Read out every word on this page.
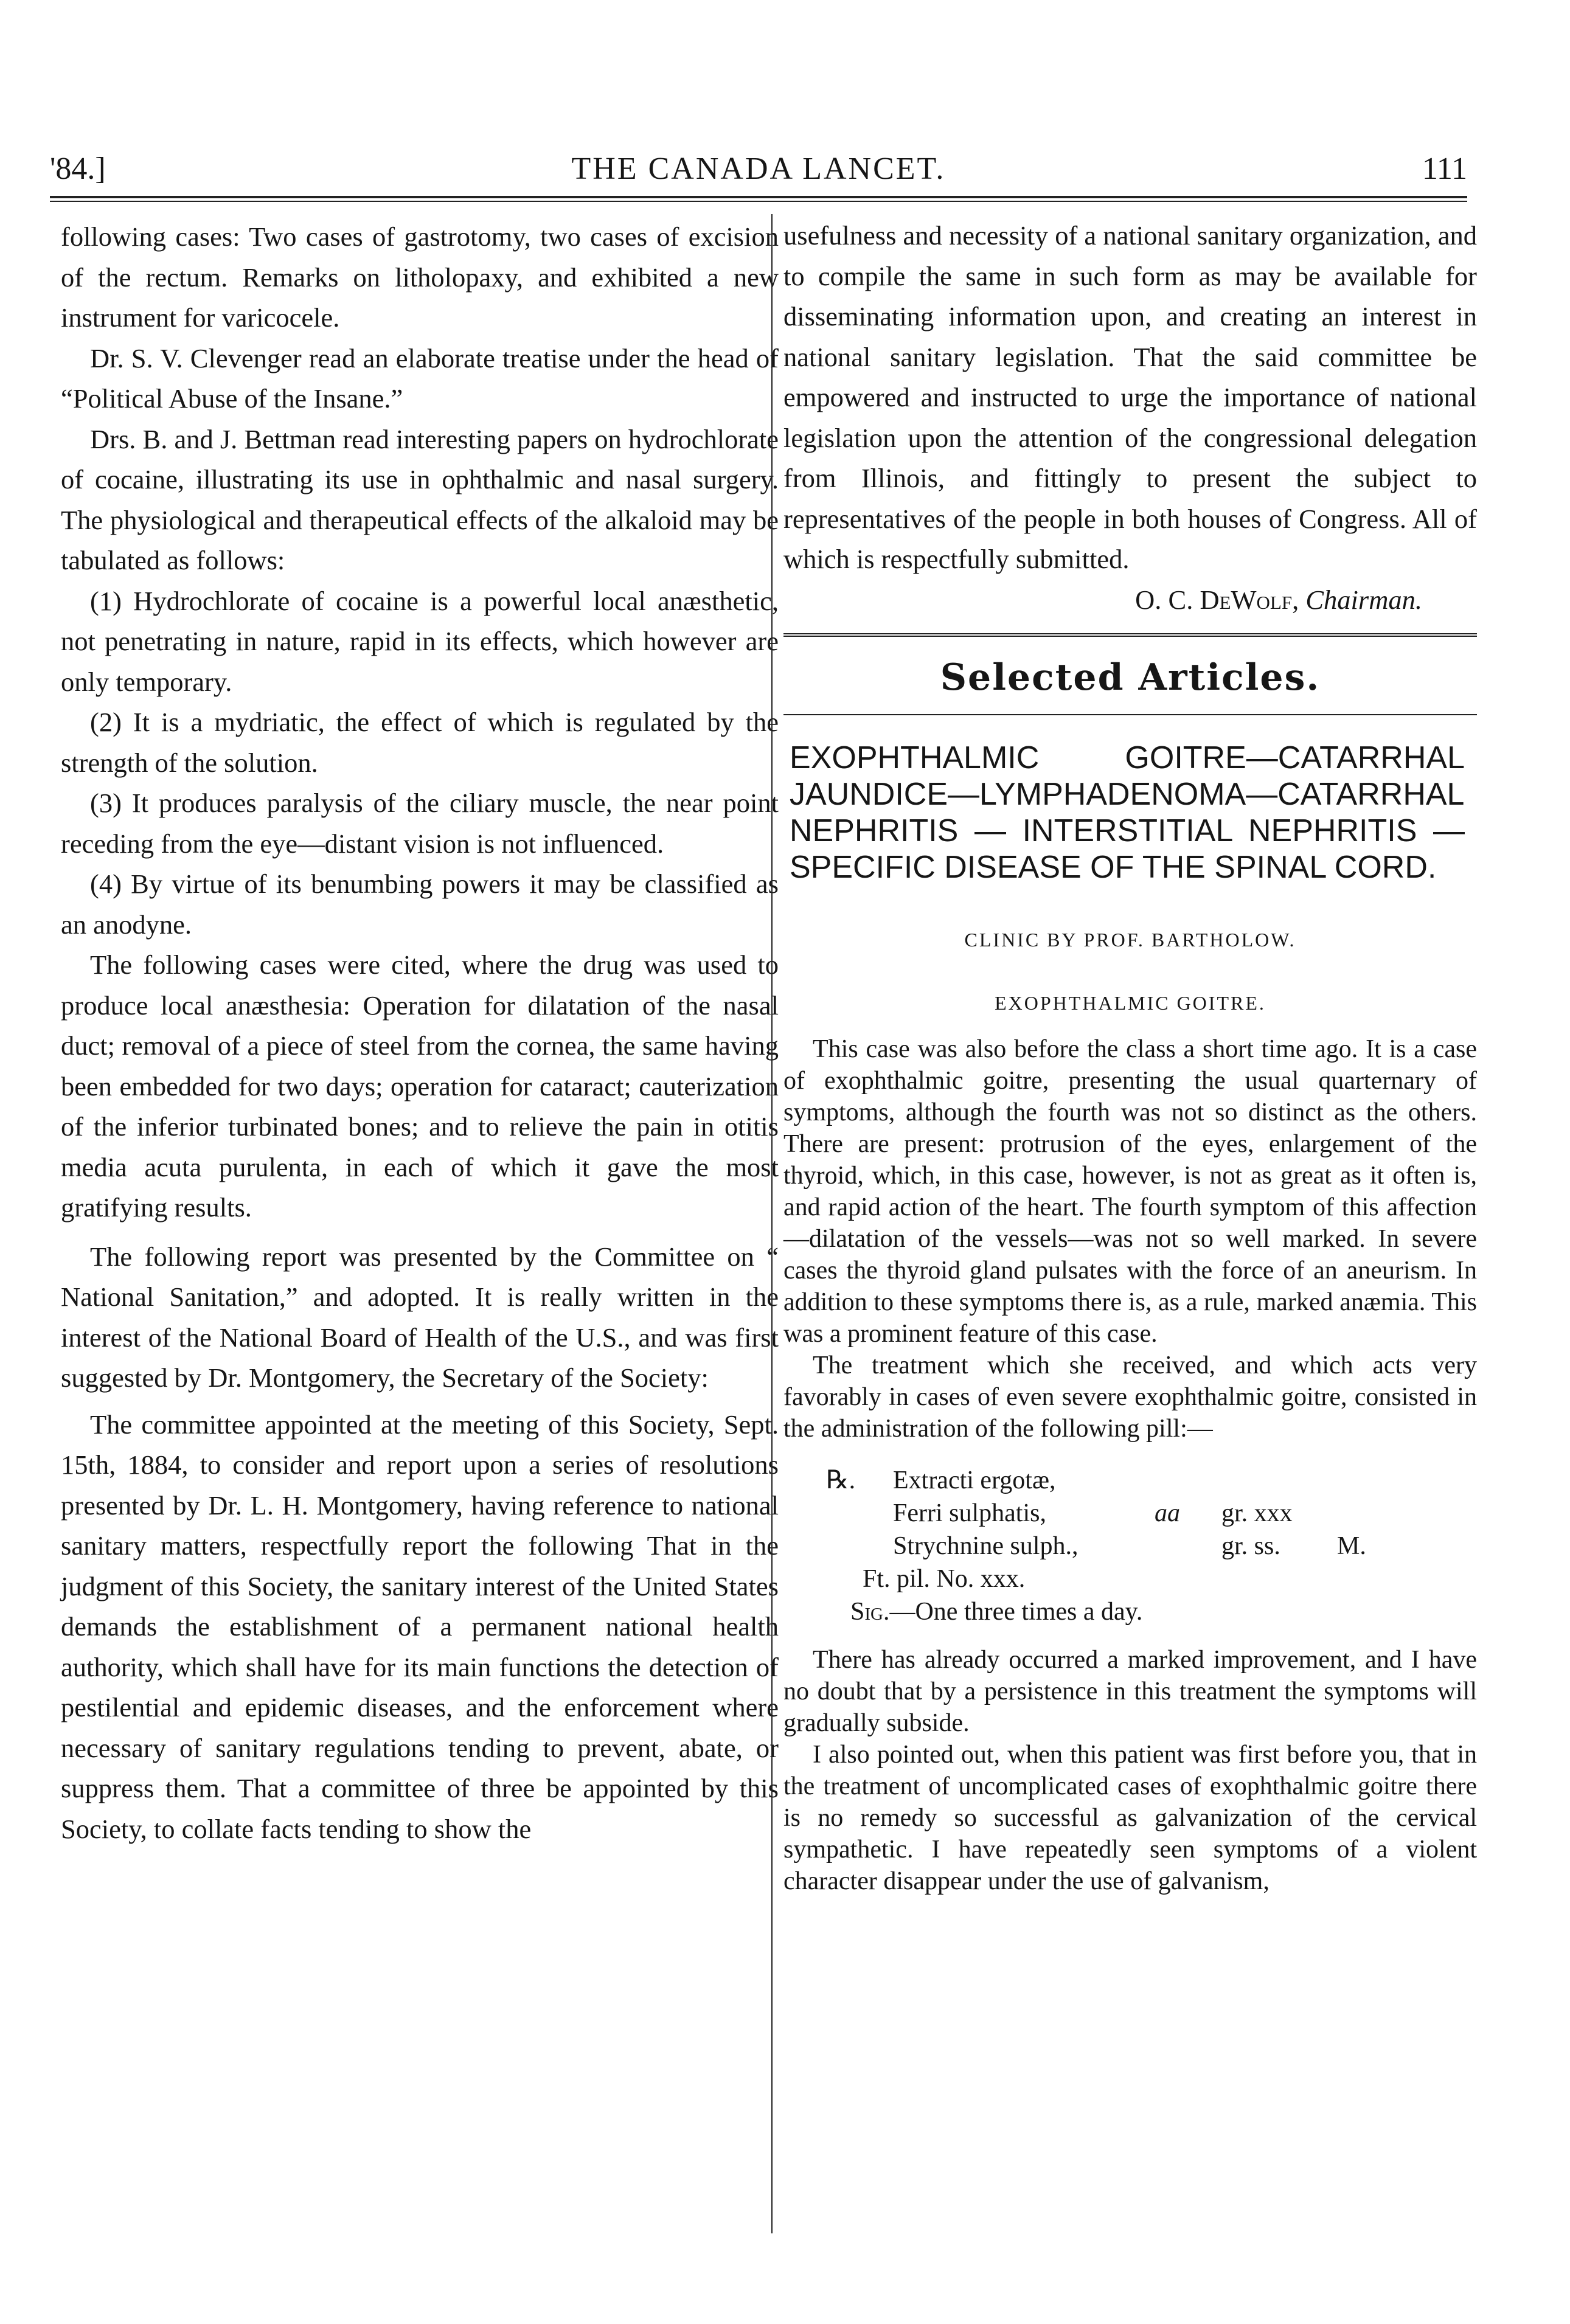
'84.]	THE CANADA LANCET.	111

following cases: Two cases of gastrotomy, two cases of excision of the rectum. Remarks on litholopaxy, and exhibited a new instrument for varicocele.

Dr. S. V. Clevenger read an elaborate treatise under the head of “Political Abuse of the Insane.”

Drs. B. and J. Bettman read interesting papers on hydrochlorate of cocaine, illustrating its use in ophthalmic and nasal surgery. The physiological and therapeutical effects of the alkaloid may be tabulated as follows:

(1) Hydrochlorate of cocaine is a powerful local anæsthetic, not penetrating in nature, rapid in its effects, which however are only temporary.

(2) It is a mydriatic, the effect of which is regulated by the strength of the solution.

(3) It produces paralysis of the ciliary muscle, the near point receding from the eye—distant vision is not influenced.

(4) By virtue of its benumbing powers it may be classified as an anodyne.

The following cases were cited, where the drug was used to produce local anæsthesia: Operation for dilatation of the nasal duct; removal of a piece of steel from the cornea, the same having been embedded for two days; operation for cataract; cauterization of the inferior turbinated bones; and to relieve the pain in otitis media acuta purulenta, in each of which it gave the most gratifying results.

The following report was presented by the Committee on “ National Sanitation,” and adopted. It is really written in the interest of the National Board of Health of the U.S., and was first suggested by Dr. Montgomery, the Secretary of the Society:

The committee appointed at the meeting of this Society, Sept. 15th, 1884, to consider and report upon a series of resolutions presented by Dr. L. H. Montgomery, having reference to national sanitary matters, respectfully report the following That in the judgment of this Society, the sanitary interest of the United States demands the establishment of a permanent national health authority, which shall have for its main functions the detection of pestilential and epidemic diseases, and the enforcement where necessary of sanitary regulations tending to prevent, abate, or suppress them. That a committee of three be appointed by this Society, to collate facts tending to show the

usefulness and necessity of a national sanitary organization, and to compile the same in such form as may be available for disseminating information upon, and creating an interest in national sanitary legislation. That the said committee be empowered and instructed to urge the importance of national legislation upon the attention of the congressional delegation from Illinois, and fittingly to present the subject to representatives of the people in both houses of Congress. All of which is respectfully submitted.

O. C. DeWolf, Chairman.
Selected Articles.
EXOPHTHALMIC GOITRE—CATARRHAL JAUNDICE—LYMPHADENOMA—CATARRHAL NEPHRITIS — INTERSTITIAL NEPHRITIS — SPECIFIC DISEASE OF THE SPINAL CORD.
CLINIC BY PROF. BARTHOLOW.
EXOPHTHALMIC GOITRE.

This case was also before the class a short time ago. It is a case of exophthalmic goitre, presenting the usual quarternary of symptoms, although the fourth was not so distinct as the others. There are present: protrusion of the eyes, enlargement of the thyroid, which, in this case, however, is not as great as it often is, and rapid action of the heart. The fourth symptom of this affection—dilatation of the vessels—was not so well marked. In severe cases the thyroid gland pulsates with the force of an aneurism. In addition to these symptoms there is, as a rule, marked anæmia. This was a prominent feature of this case.

The treatment which she received, and which acts very favorably in cases of even severe exophthalmic goitre, consisted in the administration of the following pill:—

℞.	Extracti ergotæ,
Ferri sulphatis,	aa	gr. xxx
Strychnine sulph.,	gr. ss.	M.
Ft. pil. No. xxx.
Sig.—One three times a day.

There has already occurred a marked improvement, and I have no doubt that by a persistence in this treatment the symptoms will gradually subside.

I also pointed out, when this patient was first before you, that in the treatment of uncomplicated cases of exophthalmic goitre there is no remedy so successful as galvanization of the cervical sympathetic. I have repeatedly seen symptoms of a violent character disappear under the use of galvanism,
